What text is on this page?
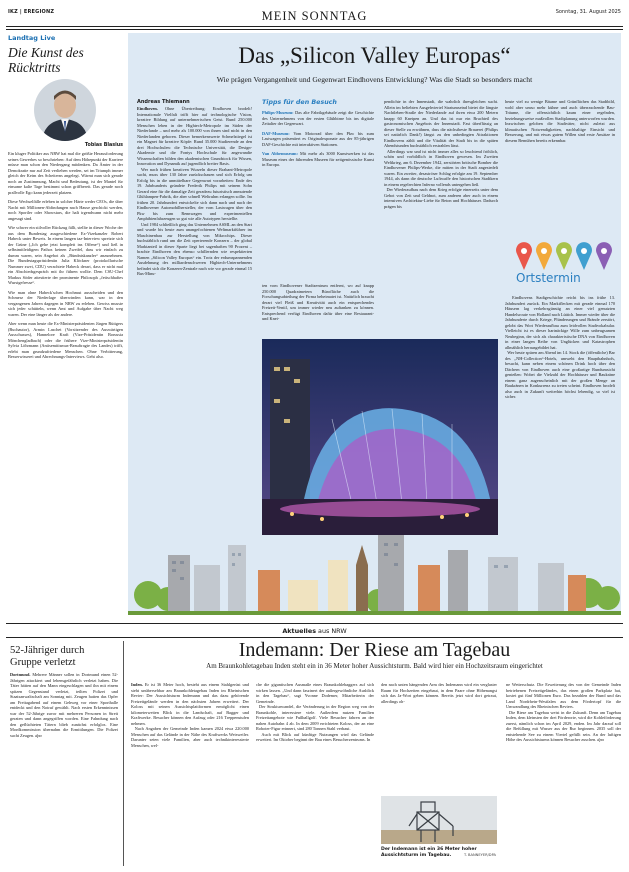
IKZ | EREGIONZ	MEIN SONNTAG	Sonntag, 31. August 2025
Landtag Live
Die Kunst des Rücktritts
Tobias Blasius

Ein kluger Politiker aus NRW hat mal die größte Herausforderung seines Gewerbes so beschrieben: Auf dem Höhepunkt der Karriere müsse man schon den Niedergang mitdenken. Da Ämter in der Demokratie nur auf Zeit verliehen werden, sei im Triumph immer gleich der Keim des Scheiterns angelegt. Wärmt man sich gerade noch an Zustimmung, Macht und Bedeutung, ist der Mantel für einsame kalte Tage bestimmt schon griffbereit. Das gerade noch prallvolle Ego kann jederzeit platzen.

Diese Wechselfälle erleben in solcher Härte weder CEOs, die über Nacht mit Millionen-Abfindungen nach Hause geschickt werden, noch Sportler oder Showstars, die halt irgendwann nicht mehr angesagt sind.

Wie schwer ein stilvoller Rückzug fällt, stellte in dieser Woche der aus dem Bundestag ausgeschiedene Ex-Vizekanzler Robert Habeck unter Beweis. In einem langen taz-Interview spreizte sich der Grüne („Ich gehe jetzt komplett ins Offene“) und ließ in selbstmitleidigem Pathos keinen Zweifel, dass wir einfach zu dumm waren, sein Angebot als „Bündniskanzler“ anzunehmen. Die Bundestagspräsidentin Julia Klöckner (protokollarische Nummer zwei, CDU) verachtete Habeck derart, dass er nicht mal ein Abschiedsgespräch mit ihr führen wollte. Dem CSU-Chef Markus Söder attestierte der prominente Philosoph „fetischhaftes Wurstgefresse“.

Wie man ohne Habeck'schen Hochmut ausscheiden und den Schmerz der Niederlage überwinden kann, war in den vergangenen Jahren dagegen in NRW zu erleben. Gewiss musste sich jeder schütteln, wenn Amt und Aufgabe über Nacht weg waren. Der eine länger als der andere.

Aber wenn man heute die Ex-Ministerpräsidenten Jürgen Rüttgers (Buchautor), Armin Laschet (Vorsitzender des Auswärtigen Ausschusses), Hannelore Kraft (Vize-Präsidentin Borussia Mönchengladbach) oder die frühere Vize-Ministerpräsidentin Sylvia Löhrmann (Antisemitismus-Beauftragte des Landes) trifft, erlebt man grundzufriedene Menschen. Ohne Verbitterung, Besserwisserei und Abrechnungs-Interviews. Geht also.

Das „Silicon Valley Europas“
Wie prägen Vergangenheit und Gegenwart Eindhovens Entwicklung? Was die Stadt so besonders macht
Andreas Thiemann
Eindhoven. Ohne Übertreibung: Eindhoven brodelt! Internationale Vielfalt trifft hier auf technologische Vision, kreative Bildung auf unternehmerischen Geist. Rund 250.000 Menschen leben in der Hightech-Metropole im Süden der Niederlande – und mehr als 100.000 von ihnen sind nicht in den Niederlanden geboren. Dieser bemerkenswerte Schmelztiegel ist ein Magnet für kreative Köpfe: Rund 35.000 Studierende an den drei Hochschulen: die Technische Universität, die Design-Akademie und die Fontys Hochschule für angewandte Wissenschaften bilden den akademischen Grundstock für Wissen, Innovation und Dynamik auf jugendlich breiter Basis.
Wer nach frühen kreativen Wurzeln dieser Brabant-Metropole sucht, muss über 130 Jahre zurückschauen und sich Erfolg um Erfolg bis in die unmittelbare Gegenwart vorarbeiten: Ende des 19. Jahrhunderts gründete Frederik Philips mit seinem Sohn Gerard eine für die damalige Zeit geradezu futuristisch anmutende Glühlampen-Fabrik, die aber schnell Weltruhm erlangen sollte. Im frühen 20. Jahrhundert entwickelte sich dann nach und nach der Eindhovener Automobilhersteller, der vom Lastwagen über den Pkw bis zum Rennwagen und experimentellen Amphibienfahrzeugen so gut wie alle Autotypen herstellte.
Und 1984 schließlich ging das Unternehmen ASML an den Start und wurde bis heute zum unangefochtenen Weltmarktführer im Maschinenbau zur Herstellung von Mikrochips. Dieser buchstäblich rund um die Zeit operierende Konzern – der global Marktanteil in dieser Sparte liegt bei sagenhaften 90 Prozent – brachte Eindhoven den ebenso schillernden wie respektierten Namen „Silicon Valley Europas“ ein. Trotz der erdumspannenden Ausdehnung des milliardenschweren Hightech-Unternehmens befindet sich die Konzern-Zentrale nach wie vor gerade einmal 15 Bus-Minu-
Tipps für den Besuch

Philips-Museum: Das alte Fabrikgebäude zeigt die Geschichte des Unternehmens von der ersten Glühbirne bis ins digitale Zeitalter der Gegenwart.

DAF-Museum: Vom Motorrad über den Pkw bis zum Lastwagen präsentiert es Originalexponate aus der 85-jährigen DAF-Geschichte mit interaktiven Stationen.

Van Abbemuseum: Mit mehr als 3000 Kunstwerken ist das Museum eines der führenden Museen für zeitgenössische Kunst in Europa.

ten vom Eindhovener Stadtzentrum entfernt, wo auf knapp 250.000 Quadratmetern Bürofläche auch die Forschungsabteilung der Firma beheimatet ist. Natürlich braucht derart viel Fleiß und Kreativität auch ein entsprechendes Freizeit-Ventil, um immer wieder neu auftanken zu können. Entsprechend verfügt Eindhoven dafür über eine Restaurant- und Knei-
pendichte in der Innenstadt, die wahrlich ihresgleichen sucht. Allein im beliebten Ausgehviertel Stratumseind bietet die längste Nachtleben-Straße der Niederlande auf ihren etwa 200 Metern knapp 60 Kneipen an. Und das ist nur ein Bruchteil des gastronomischen Angebots der Innenstadt. Fast überflüssig an dieser Stelle zu erwähnen, dass die nächstbeste Brauerei (Philips sei natürlich Dank!) längst zu den unbedingten Attraktionen Eindhovens zählt und die Vitalität der Stadt bis in die späten Abendstunden buchstäblich erstrahlen lässt.
Allerdings war und ist nicht immer alles so leuchtend fröhlich, schön und vorbildlich in Eindhoven gewesen. Im Zweiten Weltkrieg, am 6. Dezember 1942, zerstörten britische Bomber die Eindhovener Philips-Werke, die mitten in der Stadt angesiedelt waren. Ein zweiter, desaströser Schlag erfolgte am 19. September 1944, als dann die deutsche Luftwaffe den historischen Stadtkern in einem regelrechten Inferno vollends untergehen ließ.
Der Wiederaufbau nach dem Krieg erfolgte einerseits unter dem Gebot von Zeit und Geldnot, zum anderen aber auch in einem intensiven Architektur-Liebe für Beton und Hochhäuser. Dadurch prägen bis
heute viel zu wenige Bäume und Grünflächen das Stadtbild, wohl aber umso mehr kühne und auch überraschende Bau-Träume, die offensichtlich kaum einer regelnden, beziehungsweise maßvollen Stadtplanung unterworfen wurden. Inzwischen geloben die Stadtväter, nicht zuletzt aus klimatischen Notwendigkeiten, nachhaltige Einsicht und Besserung, und mit etwas gutem Willen sind erste Ansätze in diesem Bemühen bereits erkennbar.
Ortstermin
Eindhovens Stadtgeschichte reicht bis ins frühe 13. Jahrhundert zurück. Ein Marktflecken mit gerade einmal 170 Häusern lag verkehrsgünstig an einer viel genutzten Handelsroute von Holland nach Lüttich. Immer wieder über die Jahrhunderte durch Kriege, Plünderungen und Brände zerstört, gelobt das Wort Wiederaufbau zum leidvollen Stadtvokabular. Vielleicht ist es dieser hartnäckige Wille zum unbeugsamen Neubeginn, der sich als charakteristische DNA von Eindhoven in einer langen Reihe von Unglücken und Katastrophen allmählich herausgebildet hat.
Wer heute spüren am Abend im 14. Stock die (öffentliche) Bar des „NH-Collection“-Hotels, umweht den Hauptbahnhofs, besucht, kann neben einem schönen Drink hoch über den Dächern von Eindhoven auch eine großartige Rundumsicht genießen: Wobei die Vielzahl der Hochhäuser und Baukräne einem ganz augenscheinlich mit der großen Menge an Baukränen in Konkurrenz zu treten scheint. Eindhoven brodelt also auch in Zukunft weiterhin höchst lebendig, so viel ist sicher.
Aktuelles aus NRW
52-Jähriger durch Gruppe verletzt
Dortmund. Mehrere Männer sollen in Dortmund einen 52-Jährigen attackiert und lebensgefährlich verletzt haben. Die Täter hätten auf den Mann eingeschlagen und ihn mit einem spitzen Gegenstand verletzt, teilten Polizei und Staatsanwaltschaft am Sonntag mit. Zeugen hatten das Opfer am Freitagabend auf einem Gehweg vor einer Sporthalle entdeckt und den Notruf gewählt. Nach ersten Erkenntnissen war der 52-Jährige zuvor mit mehreren Personen in Streit geraten und dann angegriffen worden. Eine Fahndung nach den geflüchteten Tätern blieb zunächst erfolglos. Eine Mordkommission übernahm die Ermittlungen. Die Polizei sucht Zeugen. dpa
Indemann: Der Riese am Tagebau
Am Braunkohletagebau Inden steht ein in 36 Meter hoher Aussichtsturm. Bald wird hier ein Hochzeitsraum eingerichtet
Inden. Er ist 36 Meter hoch, besteht aus einem Stahlgerüst und steht unübersehbar am Braunkohletagebau Inden im Rheinischen Revier: Der Aussichtsturm Indemann und das dazu gehörende Freizeitgelände werden in den nächsten Jahren erweitert. Der Koloss mit seinen Aussichtsplattformen ermöglicht einen kilometerweiten Blick in die Landschaft, auf Bagger und Kraftwerke. Besucher können den Aufzug oder 216 Treppenstufen nehmen.
Nach Angaben der Gemeinde Inden kamen 2024 etwa 220.000 Menschen auf das Gelände in der Nähe des Kraftwerks Weisweiler. Darunter seien viele Familien, aber auch technikinteressierte Menschen, wel-
che die gigantischen Ausmaße eines Braunkohlebaggers auf sich wirken lassen. „Und dann faszinert der außergewöhnliche Ausblick in den Tagebau“, sagt Yvonne Dodemer, Mitarbeiterin der Gemeinde.
Der Strukturwandel, die Veränderung in der Region weg von der Braunkohle, interessiere viele. Außerdem nutzen Familien Freizeitangebote wie Fußballgolf. Viele Besucher fahren an der nahen Autobahn 4 ab. In dem 2009 errichteten Koloss, der an eine Roboter-Figur erinnert, sind 280 Tonnen Stahl verbaut.
Auch mit Blick auf künftige Nutzungen wird das Gelände erweitert. Im Oktober beginnt der Bau eines Besucherzentrums. In
den nach unten hängenden Arm des Indemann wird ein verglaster Raum für Hochzeiten eingebaut, in dem Paare ohne Höhenangst sich das Ja-Wort geben können. Bereits jetzt wird dort getraut, allerdings oh-
Der Indemann ist ein 36 Meter hoher Aussichtsturm im Tagebau.	T. BANNEYER/DPA
ne Wetterschutz. Die Erweiterung des von der Gemeinde Inden betriebenen Freizeitgeländes, das einen großen Parkplatz hat, kostet gut fünf Millionen Euro. Das bezahlen der Bund und das Land Nordrhein-Westfalen aus dem Fördertopf für die Umwandlung des Rheinischen Reviers.
Die Riese am Tagebau weist in die Zukunft. Denn am Tagebau Inden, dem kleinsten der drei Förderorte, wird die Kohleförderung zuerst, nämlich schon im April 2029, enden. Im Jahr darauf soll die Befüllung mit Wasser aus der Rur beginnen. 2035 soll der entstehende See zu einem Viertel gefüllt sein. An der luftigen Höhe des Aussichtsturms können Besucher zuschen. dpa
